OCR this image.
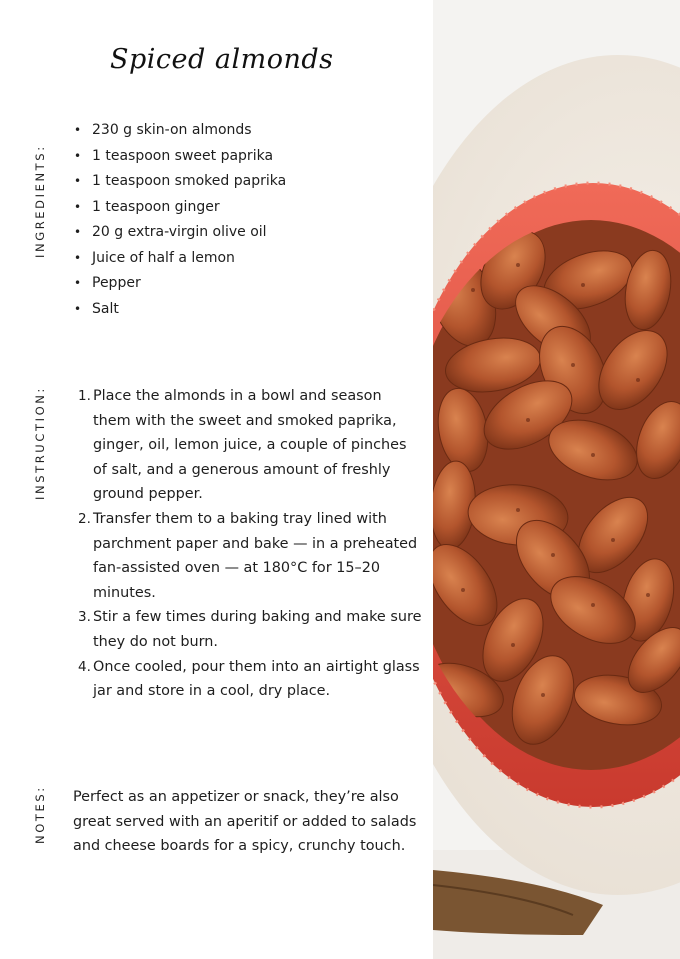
Spiced almonds
INGREDIENTS:
• 230 g skin-on almonds
• 1 teaspoon sweet paprika
• 1 teaspoon smoked paprika
• 1 teaspoon ginger
• 20 g extra-virgin olive oil
• Juice of half a lemon
• Pepper
• Salt
INSTRUCTION: 1. Place the almonds in a bowl and season them with the sweet and smoked paprika, ginger, oil, lemon juice, a couple of pinches of salt, and a generous amount of freshly ground pepper.
2. Transfer them to a baking tray lined with parchment paper and bake — in a preheated fan-assisted oven — at 180°C for 15–20 minutes.
3. Stir a few times during baking and make sure they do not burn.
4. Once cooled, pour them into an airtight glass jar and store in a cool, dry place.
NOTES: Perfect as an appetizer or snack, they’re also great served with an aperitif or added to salads and cheese boards for a spicy, crunchy touch.
